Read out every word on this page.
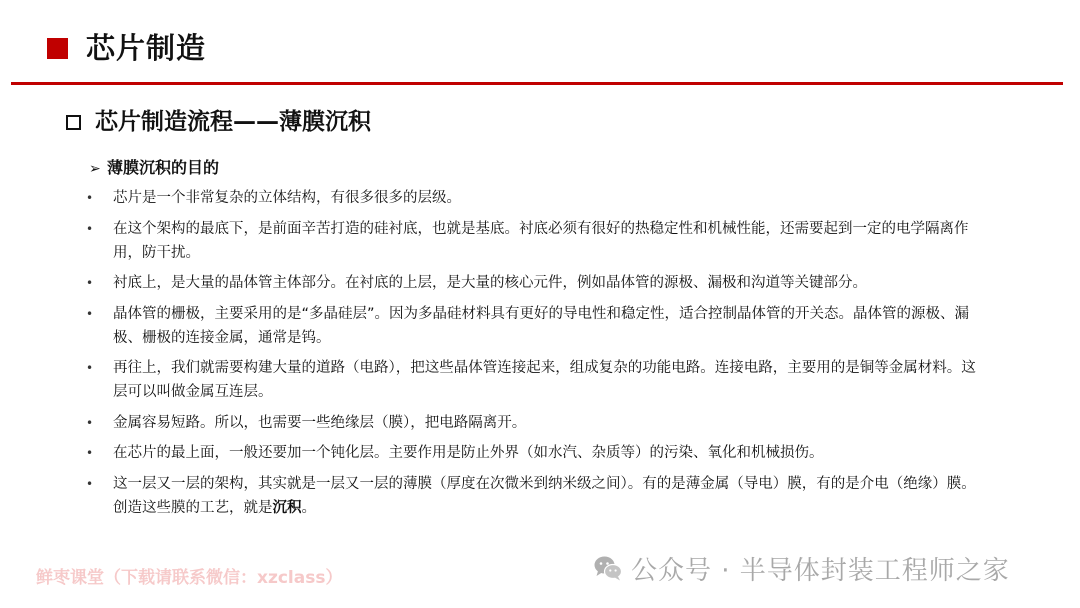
芯片制造
芯片制造流程——薄膜沉积
➢ 薄膜沉积的目的
• 芯片是一个非常复杂的立体结构，有很多很多的层级。
• 在这个架构的最底下，是前面辛苦打造的硅衬底，也就是基底。衬底必须有很好的热稳定性和机械性能，还需要起到一定的电学隔离作用，防干扰。
• 衬底上，是大量的晶体管主体部分。在衬底的上层，是大量的核心元件，例如晶体管的源极、漏极和沟道等关键部分。
• 晶体管的栅极，主要采用的是“多晶硅层”。因为多晶硅材料具有更好的导电性和稳定性，适合控制晶体管的开关态。晶体管的源极、漏极、栅极的连接金属，通常是钨。
• 再往上，我们就需要构建大量的道路（电路），把这些晶体管连接起来，组成复杂的功能电路。连接电路，主要用的是铜等金属材料。这层可以叫做金属互连层。
• 金属容易短路。所以，也需要一些绝缘层（膜），把电路隔离开。
• 在芯片的最上面，一般还要加一个钝化层。主要作用是防止外界（如水汽、杂质等）的污染、氧化和机械损伤。
• 这一层又一层的架构，其实就是一层又一层的薄膜（厚度在次微米到纳米级之间）。有的是薄金属（导电）膜，有的是介电（绝缘）膜。创造这些膜的工艺，就是沉积。
鲜枣课堂（下载请联系微信：xzclass）	公众号 · 半导体封装工程师之家
